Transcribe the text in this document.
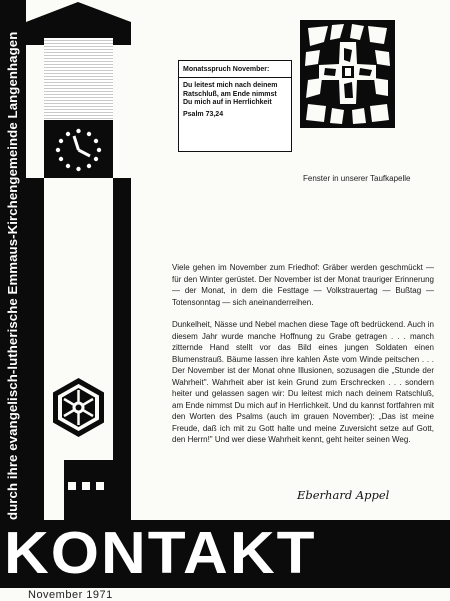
durch ihre evangelisch-lutherische Emmaus-Kirchengemeinde Langenhagen	Monatsspruch November:
Du leitest mich nach deinem Ratschluß, am Ende nimmst Du mich auf in Herrlichkeit
Psalm 73,24
Fenster in unserer Taufkapelle

Viele gehen im November zum Friedhof: Gräber werden geschmückt — für den Winter gerüstet. Der November ist der Monat trauriger Erinnerung — der Monat, in dem die Festtage — Volkstrauertag — Bußtag — Totensonntag — sich aneinanderreihen.

Dunkelheit, Nässe und Nebel machen diese Tage oft bedrückend. Auch in diesem Jahr wurde manche Hoffnung zu Grabe getragen . . . manch zitternde Hand stellt vor das Bild eines jungen Soldaten einen Blumenstrauß. Bäume lassen ihre kahlen Äste vom Winde peitschen . . . Der November ist der Monat ohne Illusionen, sozusagen die „Stunde der Wahrheit". Wahrheit aber ist kein Grund zum Erschrecken . . . sondern heiter und gelassen sagen wir: Du leitest mich nach deinem Ratschluß, am Ende nimmst Du mich auf in Herrlichkeit. Und du kannst fortfahren mit den Worten des Psalms (auch im grauen November): „Das ist meine Freude, daß ich mit zu Gott halte und meine Zuversicht setze auf Gott, den Herrn!" Und wer diese Wahrheit kennt, geht heiter seinen Weg.

Eberhard Appel
KONTAKT
November 1971
